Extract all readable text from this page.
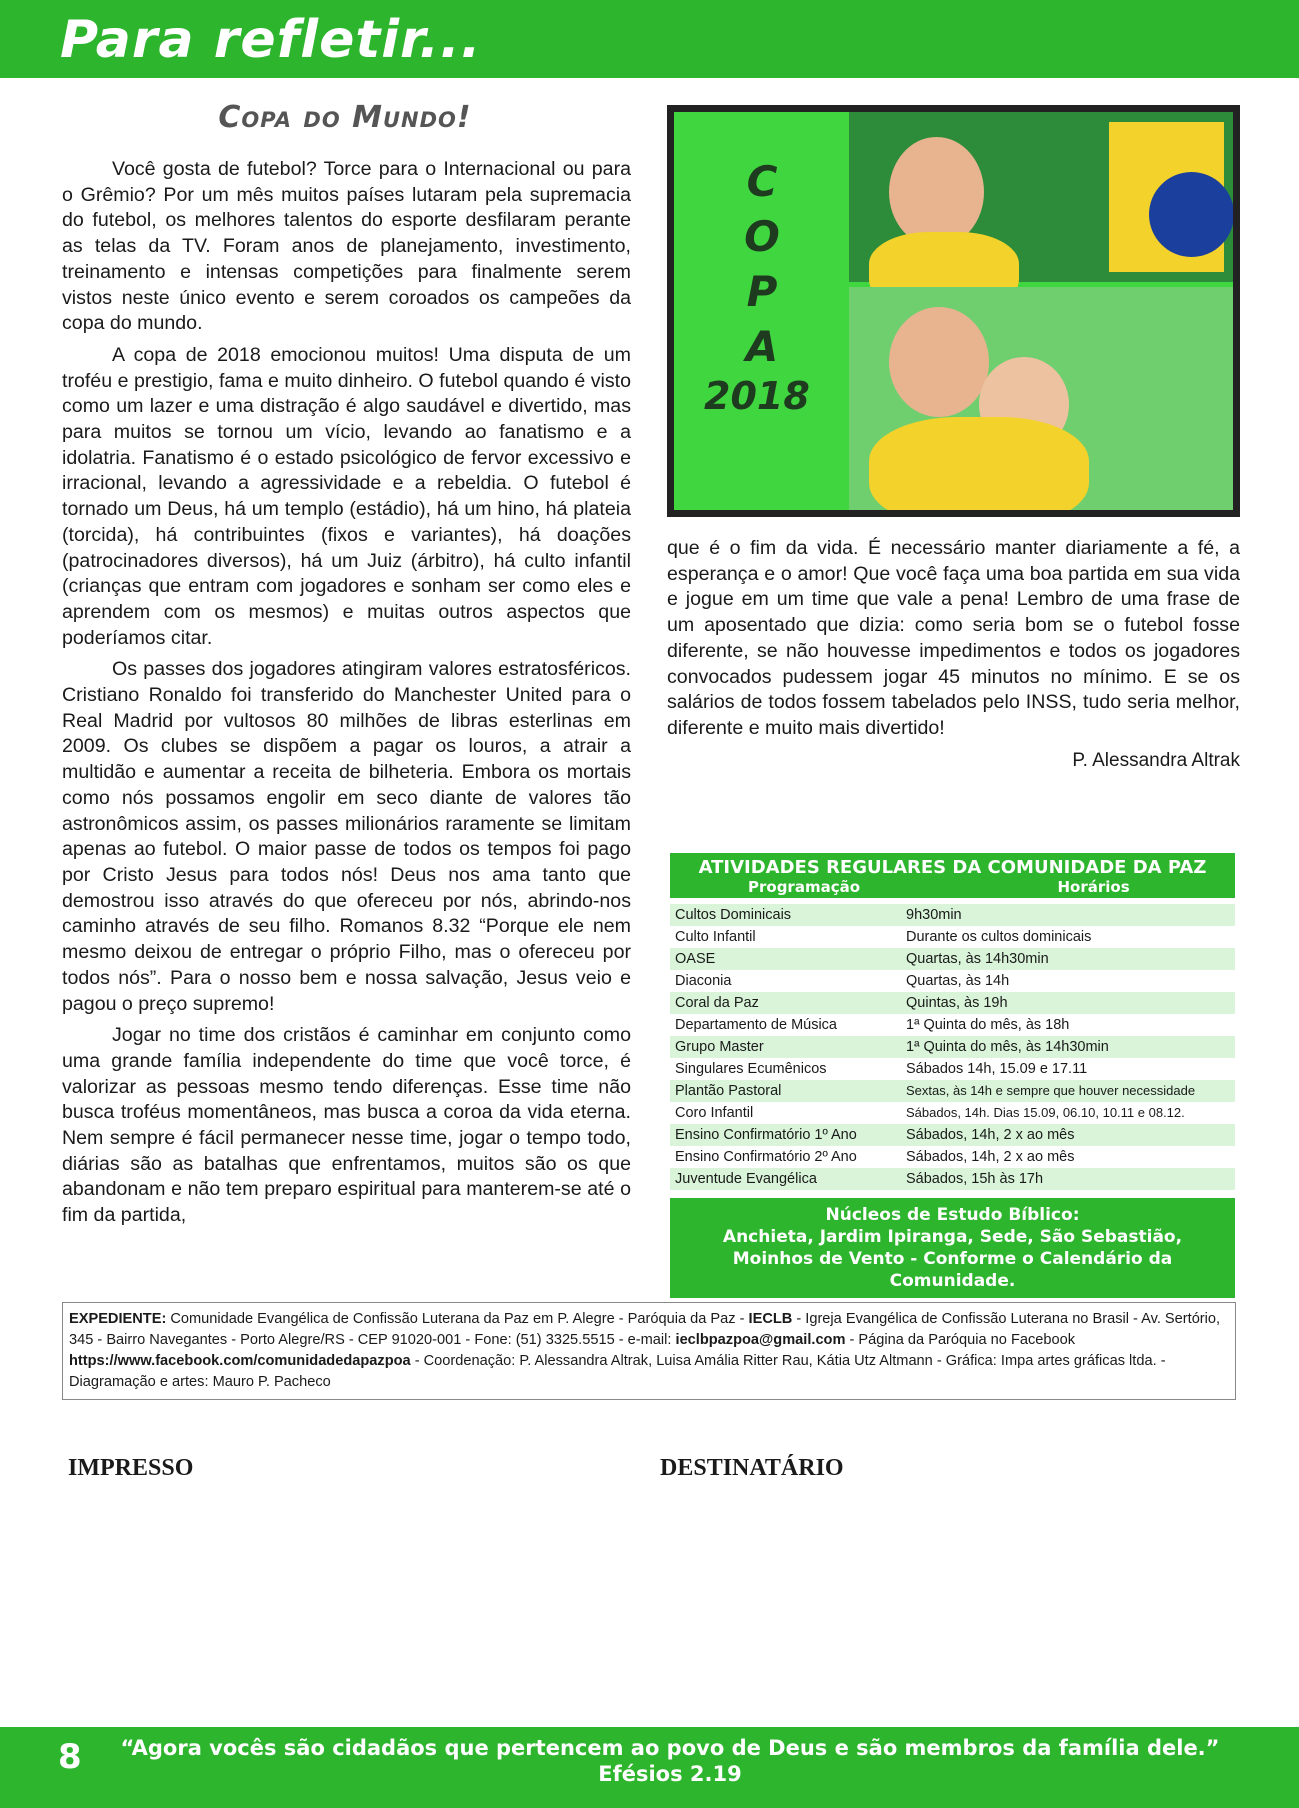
Para refletir...
Copa do Mundo!

Você gosta de futebol? Torce para o Internacional ou para o Grêmio? Por um mês muitos países lutaram pela supremacia do futebol, os melhores talentos do esporte desfilaram perante as telas da TV. Foram anos de planejamento, investimento, treinamento e intensas competições para finalmente serem vistos neste único evento e serem coroados os campeões da copa do mundo.

A copa de 2018 emocionou muitos! Uma disputa de um troféu e prestigio, fama e muito dinheiro. O futebol quando é visto como um lazer e uma distração é algo saudável e divertido, mas para muitos se tornou um vício, levando ao fanatismo e a idolatria. Fanatismo é o estado psicológico de fervor excessivo e irracional, levando a agressividade e a rebeldia. O futebol é tornado um Deus, há um templo (estádio), há um hino, há plateia (torcida), há contribuintes (fixos e variantes), há doações (patrocinadores diversos), há um Juiz (árbitro), há culto infantil (crianças que entram com jogadores e sonham ser como eles e aprendem com os mesmos) e muitas outros aspectos que poderíamos citar.

Os passes dos jogadores atingiram valores estratosféricos. Cristiano Ronaldo foi transferido do Manchester United para o Real Madrid por vultosos 80 milhões de libras esterlinas em 2009. Os clubes se dispõem a pagar os louros, a atrair a multidão e aumentar a receita de bilheteria. Embora os mortais como nós possamos engolir em seco diante de valores tão astronômicos assim, os passes milionários raramente se limitam apenas ao futebol. O maior passe de todos os tempos foi pago por Cristo Jesus para todos nós! Deus nos ama tanto que demostrou isso através do que ofereceu por nós, abrindo-nos caminho através de seu filho. Romanos 8.32 “Porque ele nem mesmo deixou de entregar o próprio Filho, mas o ofereceu por todos nós”. Para o nosso bem e nossa salvação, Jesus veio e pagou o preço supremo!

Jogar no time dos cristãos é caminhar em conjunto como uma grande família independente do time que você torce, é valorizar as pessoas mesmo tendo diferenças. Esse time não busca troféus momentâneos, mas busca a coroa da vida eterna. Nem sempre é fácil permanecer nesse time, jogar o tempo todo, diárias são as batalhas que enfrentamos, muitos são os que abandonam e não tem preparo espiritual para manterem-se até o fim da partida,

C
O
P
A
2018

que é o fim da vida. É necessário manter diariamente a fé, a esperança e o amor! Que você faça uma boa partida em sua vida e jogue em um time que vale a pena! Lembro de uma frase de um aposentado que dizia: como seria bom se o futebol fosse diferente, se não houvesse impedimentos e todos os jogadores convocados pudessem jogar 45 minutos no mínimo. E se os salários de todos fossem tabelados pelo INSS, tudo seria melhor, diferente e muito mais divertido!

P. Alessandra Altrak
ATIVIDADES REGULARES DA COMUNIDADE DA PAZ
Programação	Horários
Cultos Dominicais	9h30min
Culto Infantil	Durante os cultos dominicais
OASE	Quartas, às 14h30min
Diaconia	Quartas, às 14h
Coral da Paz	Quintas, às 19h
Departamento de Música	1ª Quinta do mês, às 18h
Grupo Master	1ª Quinta do mês, às 14h30min
Singulares Ecumênicos	Sábados 14h, 15.09 e 17.11
Plantão Pastoral	Sextas, às 14h e sempre que houver necessidade
Coro Infantil	Sábados, 14h. Dias 15.09, 06.10, 10.11 e 08.12.
Ensino Confirmatório 1º Ano	Sábados, 14h, 2 x ao mês
Ensino Confirmatório 2º Ano	Sábados, 14h, 2 x ao mês
Juventude Evangélica	Sábados, 15h às 17h
Núcleos de Estudo Bíblico:
Anchieta, Jardim Ipiranga, Sede, São Sebastião,
Moinhos de Vento - Conforme o Calendário da Comunidade.
EXPEDIENTE: Comunidade Evangélica de Confissão Luterana da Paz em P. Alegre - Paróquia da Paz - IECLB - Igreja Evangélica de Confissão Luterana no Brasil - Av. Sertório, 345 - Bairro Navegantes - Porto Alegre/RS - CEP 91020-001 - Fone: (51) 3325.5515 - e-mail: ieclbpazpoa@gmail.com - Página da Paróquia no Facebook https://www.facebook.com/comunidadedapazpoa - Coordenação: P. Alessandra Altrak, Luisa Amália Ritter Rau, Kátia Utz Altmann - Gráfica: Impa artes gráficas ltda. - Diagramação e artes: Mauro P. Pacheco
IMPRESSO	DESTINATÁRIO
8	“Agora vocês são cidadãos que pertencem ao povo de Deus e são membros da família dele.”
Efésios 2.19
